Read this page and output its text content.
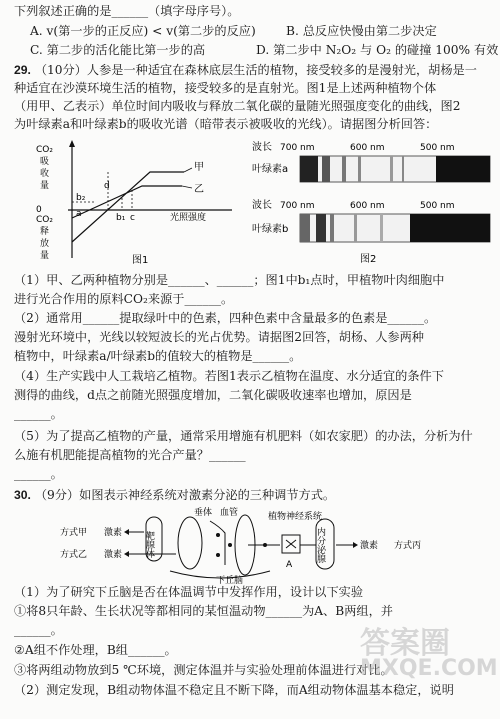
下列叙述正确的是______（填字母序号）。
A. v(第一步的正反应) < v(第二步的反应) B. 总反应快慢由第二步决定
C. 第二步的活化能比第一步的高	D. 第二步中 N₂O₂ 与 O₂ 的碰撞 100% 有效
29. （10分）人参是一种适宜在森林底层生活的植物，接受较多的是漫射光，胡杨是一
种适宜在沙漠环境生活的植物，接受较多的是直射光。图1是上述两种植物个体
（用甲、乙表示）单位时间内吸收与释放二氧化碳的量随光照强度变化的曲线，图2
为叶绿素a和叶绿素b的吸收光谱（暗带表示被吸收的光线）。请据图分析回答：
CO₂
吸
收
量
0
CO₂
释
放
量
甲
乙
d
b₂
a	b₁ c	光照强度
图1
波长 700 nm	600 nm	500 nm
叶绿素a
波长 700 nm	600 nm	500 nm
叶绿素b
图2
（1）甲、乙两种植物分别是______、______；图1中b₁点时，甲植物叶肉细胞中
进行光合作用的原料CO₂来源于______。
（2）通常用______提取绿叶中的色素，四种色素中含量最多的色素是______。
漫射光环境中，光线以较短波长的光占优势。请据图2回答，胡杨、人参两种
植物中，叶绿素a/叶绿素b的值较大的植物是______。
（4）生产实践中人工栽培乙植物。若图1表示乙植物在温度、水分适宜的条件下
测得的曲线，d点之前随光照强度增加，二氧化碳吸收速率也增加，原因是
______。
（5）为了提高乙植物的产量，通常采用增施有机肥料（如农家肥）的办法，分析为什
么施有机肥能提高植物的光合产量？______
______。
30. （9分）如图表示神经系统对激素分泌的三种调节方式。
垂体 血管	植物神经系统
靶腺体
方式甲 激素
方式乙 激素
A
内分泌腺	激素 方式丙
下丘脑
（1）为了研究下丘脑是否在体温调节中发挥作用，设计以下实验
①将8只年龄、生长状况等都相同的某恒温动物______为A、B两组，并
______。
②A组不作处理，B组______。
③将两组动物放到5 ℃环境，测定体温并与实验处理前体温进行对比。
（2）测定发现，B组动物体温不稳定且不断下降，而A组动物体温基本稳定，说明
答案圈
MXQE.COM
